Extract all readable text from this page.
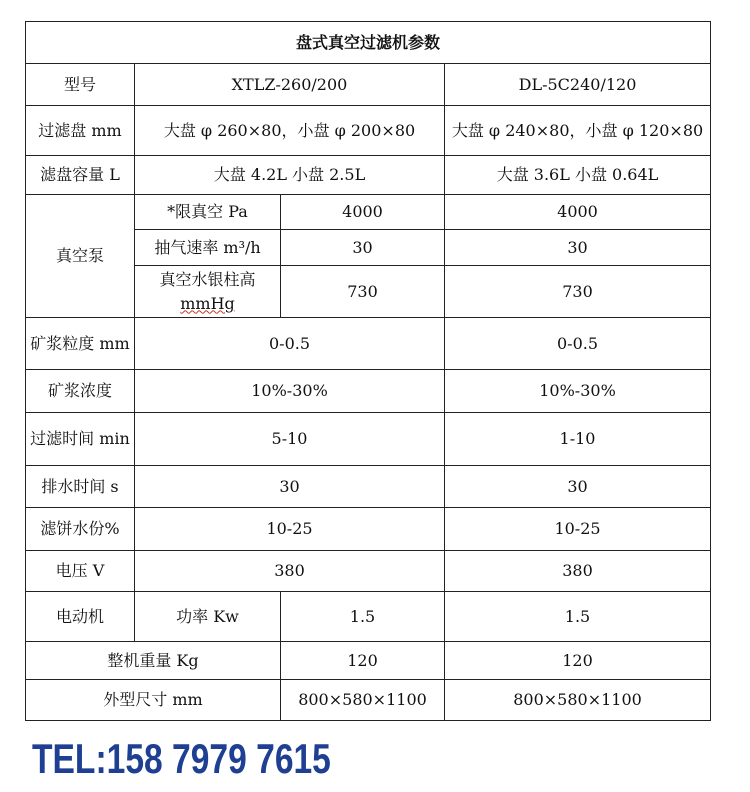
盘式真空过滤机参数			
型号	XTLZ-260/200		DL-5C240/120
过滤盘 mm	大盘 φ 260×80，小盘 φ 200×80		大盘 φ 240×80，小盘 φ 120×80
滤盘容量 L	大盘 4.2L 小盘 2.5L		大盘 3.6L 小盘 0.64L
真空泵	*限真空 Pa	4000	4000
	抽气速率 m³/h	30	30
	真空水银柱高
mmHg	730	730
矿浆粒度 mm	0-0.5		0-0.5
矿浆浓度	10%-30%		10%-30%
过滤时间 min	5-10		1-10
排水时间 s	30		30
滤饼水份%	10-25		10-25
电压 V	380		380
电动机	功率 Kw	1.5	1.5
整机重量 Kg		120	120
外型尺寸 mm		800×580×1100	800×580×1100
TEL:158 7979 7615
